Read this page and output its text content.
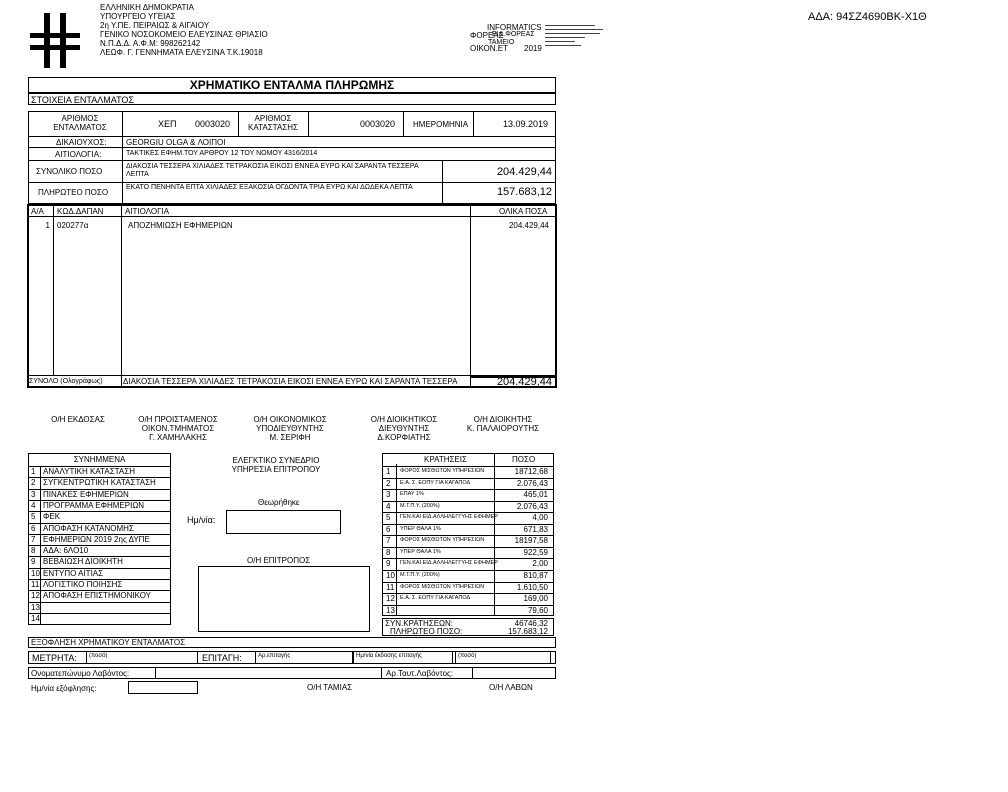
ΕΛΛΗΝΙΚΗ ΔΗΜΟΚΡΑΤΙΑ
ΥΠΟΥΡΓΕΙΟ ΥΓΕΙΑΣ
2η Υ.ΠΕ. ΠΕΙΡΑΙΩΣ & ΑΙΓΑΙΟΥ
ΓΕΝΙΚΟ ΝΟΣΟΚΟΜΕΙΟ ΕΛΕΥΣΙΝΑΣ ΘΡΙΑΣΙΟ
Ν.Π.Δ.Δ. Α.Φ.Μ: 998262142
ΛΕΩΦ. Γ. ΓΕΝΝΗΜΑΤΑ ΕΛΕΥΣΙΝΑ Τ.Κ.19018
INFORMATICS
ΦΟΡΕΑΣ
ΕΙΔ.ΦΟΡΕΑΣ
ΤΑΜΕΙΟ
ΟΙΚΟΝ.ΕΤ 2019
ΑΔΑ: 94ΣΖ4690ΒΚ-Χ1Θ
ΧΡΗΜΑΤΙΚΟ ΕΝΤΑΛΜΑ ΠΛΗΡΩΜΗΣ
ΣΤΟΙΧΕΙΑ ΕΝΤΑΛΜΑΤΟΣ
ΑΡΙΘΜΟΣ ΕΝΤΑΛΜΑΤΟΣ	ΧΕΠ 0003020
ΑΡΙΘΜΟΣ ΚΑΤΑΣΤΑΣΗΣ	0003020 ΗΜΕΡΟΜΗΝΙΑ	13.09.2019
ΔΙΚΑΙΟΥΧΟΣ: GEORGIU OLGA & ΛΟΙΠΟΙ
ΑΙΤΙΟΛΟΓΙΑ:	ΤΑΚΤΙΚΕΣ ΕΦΗΜ.ΤΟΥ ΑΡΘΡΟΥ 12 ΤΟΥ ΝΟΜΟΥ 4316/2014
ΣΥΝΟΛΙΚΟ ΠΟΣΟ
ΔΙΑΚΟΣΙΑ ΤΕΣΣΕΡΑ ΧΙΛΙΑΔΕΣ ΤΕΤΡΑΚΟΣΙΑ ΕΙΚΟΣΙ ΕΝΝΕΑ ΕΥΡΩ ΚΑΙ ΣΑΡΑΝΤΑ ΤΕΣΣΕΡΑ ΛΕΠΤΑ	204.429,44
ΠΛΗΡΩΤΕΟ ΠΟΣΟ
ΕΚΑΤΟ ΠΕΝΗΝΤΑ ΕΠΤΑ ΧΙΛΙΑΔΕΣ ΕΞΑΚΟΣΙΑ ΟΓΔΟΝΤΑ ΤΡΙΑ ΕΥΡΩ ΚΑΙ ΔΩΔΕΚΑ ΛΕΠΤΑ	157.683,12
Α/Α ΚΩΔ.ΔΑΠΑΝ	ΑΙΤΙΟΛΟΓΙΑ	ΟΛΙΚΑ ΠΟΣΑ
1 020277α	ΑΠΟΖΗΜΙΩΣΗ ΕΦΗΜΕΡΙΩΝ	204.429,44
ΣΥΝΟΛΟ (Ολογράφως)	ΔΙΑΚΟΣΙΑ ΤΕΣΣΕΡΑ ΧΙΛΙΑΔΕΣ ΤΕΤΡΑΚΟΣΙΑ ΕΙΚΟΣΙ ΕΝΝΕΑ ΕΥΡΩ ΚΑΙ ΣΑΡΑΝΤΑ ΤΕΣΣΕΡΑ	204.429,44
Ο/Η ΕΚΔΟΣΑΣ	Ο/Η ΠΡΟΙΣΤΑΜΕΝΟΣ
ΟΙΚΟΝ.ΤΜΗΜΑΤΟΣ
Γ. ΧΑΜΗΛΑΚΗΣ
Ο/Η ΟΙΚΟΝΟΜΙΚΟΣ
ΥΠΟΔΙΕΥΘΥΝΤΗΣ
Μ. ΣΕΡΙΦΗ
Ο/Η ΔΙΟΙΚΗΤΙΚΟΣ
ΔΙΕΥΘΥΝΤΗΣ
Δ.ΚΟΡΦΙΑΤΗΣ
Ο/Η ΔΙΟΙΚΗΤΗΣ
Κ. ΠΑΛΑΙΟΡΟΥΤΗΣ
ΣΥΝΗΜΜΕΝΑ
1 ΑΝΑΛΥΤΙΚΗ ΚΑΤΑΣΤΑΣΗ
2 ΣΥΓΚΕΝΤΡΩΤΙΚΗ ΚΑΤΑΣΤΑΣΗ
3 ΠΙΝΑΚΕΣ ΕΦΗΜΕΡΙΩΝ
4 ΠΡΟΓΡΑΜΜΑ ΕΦΗΜΕΡΙΩΝ
5 ΦΕΚ
6 ΑΠΟΦΑΣΗ ΚΑΤΑΝΟΜΗΣ
7 ΕΦΗΜΕΡΙΩΝ 2019 2ης ΔΥΠΕ
8 ΑΔΑ: 6ΛΟ10
9 ΒΕΒΑΙΩΣΗ ΔΙΟΙΚΗΤΗ
10 ΕΝΤΥΠΟ ΑΙΤΙΑΣ
11 ΛΟΓΙΣΤΙΚΟ ΠΟΙΗΣΗΣ
12 ΑΠΟΦΑΣΗ ΕΠΙΣΤΗΜΟΝΙΚΟΥ
13
14
ΕΛΕΓΚΤΙΚΟ ΣΥΝΕΔΡΙΟ
ΥΠΗΡΕΣΙΑ ΕΠΙΤΡΟΠΟΥ
Θεωρήθηκε
Ημ/νία:
Ο/Η ΕΠΙΤΡΟΠΟΣ
ΚΡΑΤΗΣΕΙΣ	ΠΟΣΟ
1 ΦΟΡΟΣ ΜΙΣΘΩΤΩΝ ΥΠΗΡΕΣΙΩΝ	18712,68
2 Ε.Α. Σ. ΕΟΠΥ ΓΙΑ ΚΑΓΑΠΟΔ	2.076,43
3 ΕΠΑΥ 1%	465,01
4 Μ.Τ.Π.Υ. (200%)	2.076,43
5 ΓΕΝ.ΚΑΙ ΕΙΔ.ΑΛΛΗΛΕΓΓΥΗΣ ΕΦΗΜΕΡ	4,00
6 ΥΠΕΡ ΘΑΛΑ 1%	671,83
7 ΦΟΡΟΣ ΜΙΣΘΩΤΩΝ ΥΠΗΡΕΣΙΩΝ	18197,58
8 ΥΠΕΡ ΘΑΛΑ 1%	922,59
9 ΓΕΝ.ΚΑΙ ΕΙΔ.ΑΛΛΗΛΕΓΓΥΗΣ ΕΦΗΜΕΡ	2,00
10 Μ.Τ.Π.Υ. (200%)	810,87
11 ΦΟΡΟΣ ΜΙΣΘΩΤΩΝ ΥΠΗΡΕΣΙΩΝ	1.610,50
12 Ε.Α. Σ. ΕΟΠΥ ΓΙΑ ΚΑΓΑΠΟΔ	169,00
13	79,60
ΣΥΝ.ΚΡΑΤΗΣΕΩΝ:	46746,32
ΠΛΗΡΩΤΕΟ ΠΟΣΟ:	157.683,12
ΕΞΟΦΛΗΣΗ ΧΡΗΜΑΤΙΚΟΥ ΕΝΤΑΛΜΑΤΟΣ
ΜΕΤΡΗΤΑ: (ποσό)	ΕΠΙΤΑΓΗ:	Αρ.επιταγής	Ημ/νία έκδοσης επιταγής	(ποσό)
Ονοματεπώνυμο Λαβόντος:	Αρ.Ταυτ.Λαβόντος:
Ημ/νία εξόφλησης:	Ο/Η ΤΑΜΙΑΣ	Ο/Η ΛΑΒΩΝ
